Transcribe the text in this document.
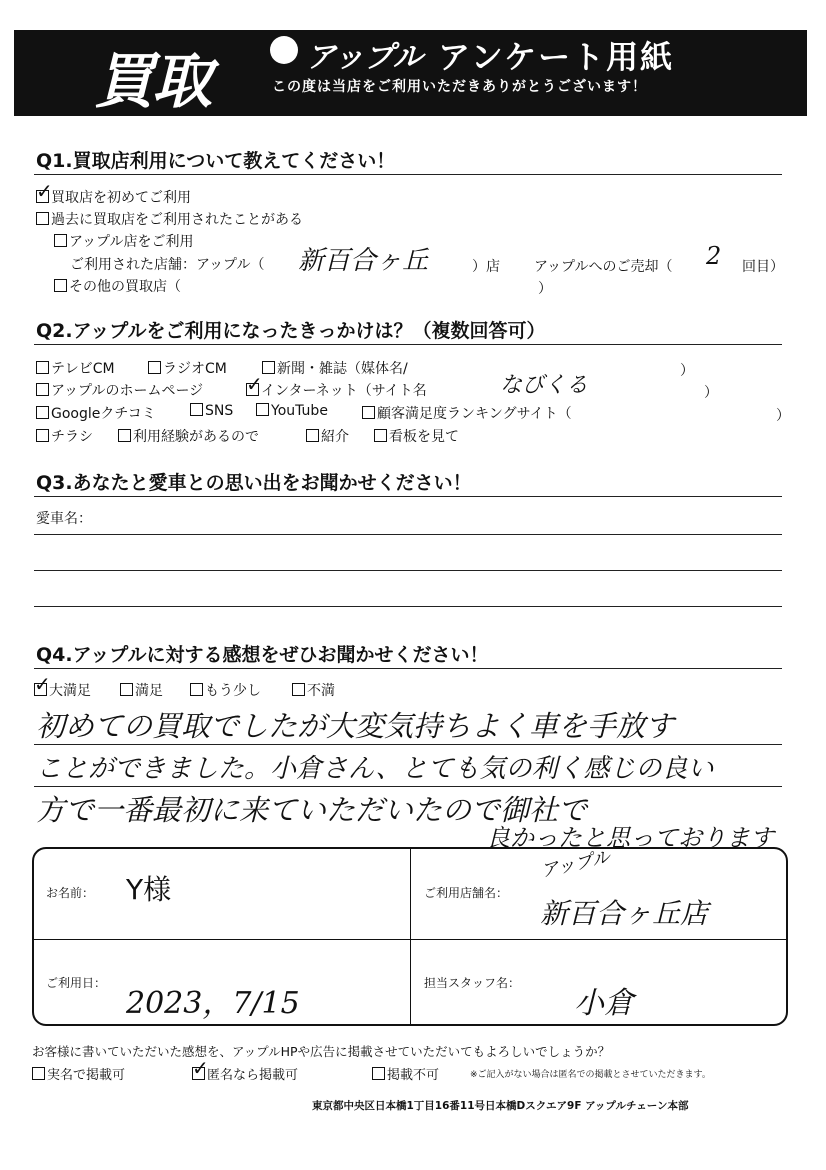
買取	アップル アンケート用紙
この度は当店をご利用いただきありがとうございます！
Q1.買取店利用について教えてください！
✓買取店を初めてご利用
過去に買取店をご利用されたことがある
アップル店をご利用
ご利用された店舗：アップル（ 新百合ヶ丘	）店 アップルへのご売却（ 2 回目）
その他の買取店（	）
Q2.アップルをご利用になったきっかけは？（複数回答可）
テレビCM	ラジオCM	新聞・雑誌（媒体名/	）
アップルのホームページ ✓	インターネット（サイト名	なびくる	）
Googleクチコミ	SNS	YouTube	顧客満足度ランキングサイト（	）
チラシ	利用経験があるので	紹介	看板を見て
Q3.あなたと愛車との思い出をお聞かせください！
愛車名：
Q4.アップルに対する感想をぜひお聞かせください！
✓大満足	満足	もう少し	不満
初めての買取でしたが大変気持ちよく車を手放す
ことができました。小倉さん、とても気の利く感じの良い
方で一番最初に来ていただいたので御社で
良かったと思っております
お名前： Y様	ご利用店舗名：
アップル
新百合ヶ丘店
ご利用日：
2023，7/15
担当スタッフ名：
小倉
お客様に書いていただいた感想を、アップルHPや広告に掲載させていただいてもよろしいでしょうか？
実名で掲載可 ✓	匿名なら掲載可	掲載不可	※ご記入がない場合は匿名での掲載とさせていただきます。
東京都中央区日本橋1丁目16番11号日本橋Dスクエア9F アップルチェーン本部
